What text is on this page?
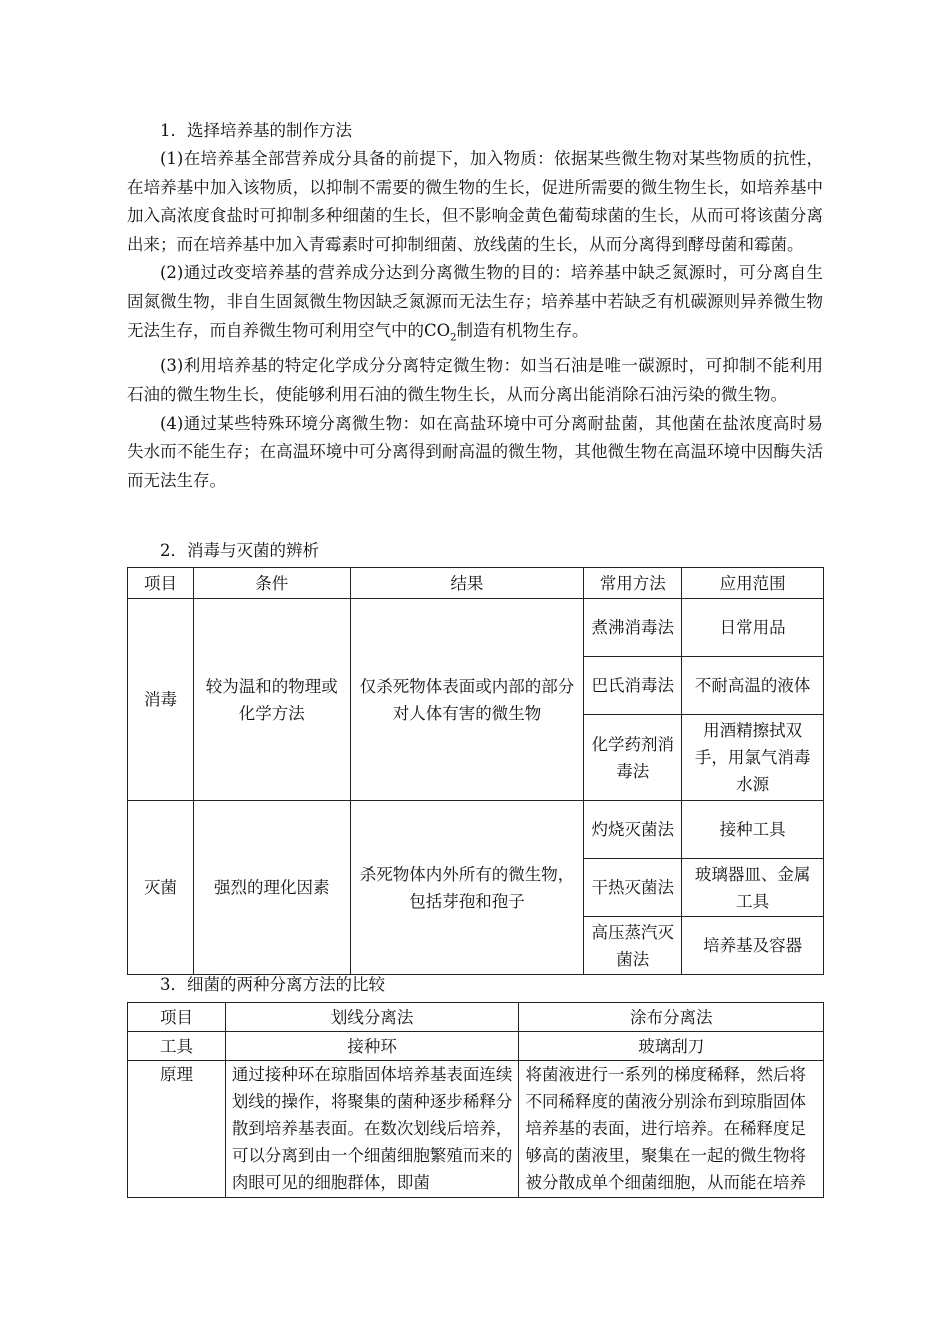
1．选择培养基的制作方法

(1)在培养基全部营养成分具备的前提下，加入物质：依据某些微生物对某些物质的抗性，在培养基中加入该物质，以抑制不需要的微生物的生长，促进所需要的微生物生长，如培养基中加入高浓度食盐时可抑制多种细菌的生长，但不影响金黄色葡萄球菌的生长，从而可将该菌分离出来；而在培养基中加入青霉素时可抑制细菌、放线菌的生长，从而分离得到酵母菌和霉菌。

(2)通过改变培养基的营养成分达到分离微生物的目的：培养基中缺乏氮源时，可分离自生固氮微生物，非自生固氮微生物因缺乏氮源而无法生存；培养基中若缺乏有机碳源则异养微生物无法生存，而自养微生物可利用空气中的$CO_2$制造有机物生存。

(3)利用培养基的特定化学成分分离特定微生物：如当石油是唯一碳源时，可抑制不能利用石油的微生物生长，使能够利用石油的微生物生长，从而分离出能消除石油污染的微生物。

(4)通过某些特殊环境分离微生物：如在高盐环境中可分离耐盐菌，其他菌在盐浓度高时易失水而不能生存；在高温环境中可分离得到耐高温的微生物，其他微生物在高温环境中因酶失活而无法生存。

2．消毒与灭菌的辨析

项目	条件	结果	常用方法	应用范围
消毒	较为温和的物理或化学方法	仅杀死物体表面或内部的部分对人体有害的微生物	煮沸消毒法	日常用品
			巴氏消毒法	不耐高温的液体
			化学药剂消毒法	用酒精擦拭双手，用氯气消毒水源
灭菌	强烈的理化因素	杀死物体内外所有的微生物，包括芽孢和孢子	灼烧灭菌法	接种工具
			干热灭菌法	玻璃器皿、金属工具
			高压蒸汽灭菌法	培养基及容器

3．细菌的两种分离方法的比较

项目	划线分离法	涂布分离法
工具	接种环	玻璃刮刀

原理	通过接种环在琼脂固体培养基表面连续划线的操作，将聚集的菌种逐步稀释分散到培养基表面。在数次划线后培养，可以分离到由一个细菌细胞繁殖而来的肉眼可见的细胞群体，即菌	将菌液进行一系列的梯度稀释，然后将不同稀释度的菌液分别涂布到琼脂固体培养基的表面，进行培养。在稀释度足够高的菌液里，聚集在一起的微生物将被分散成单个细菌细胞，从而能在培养
